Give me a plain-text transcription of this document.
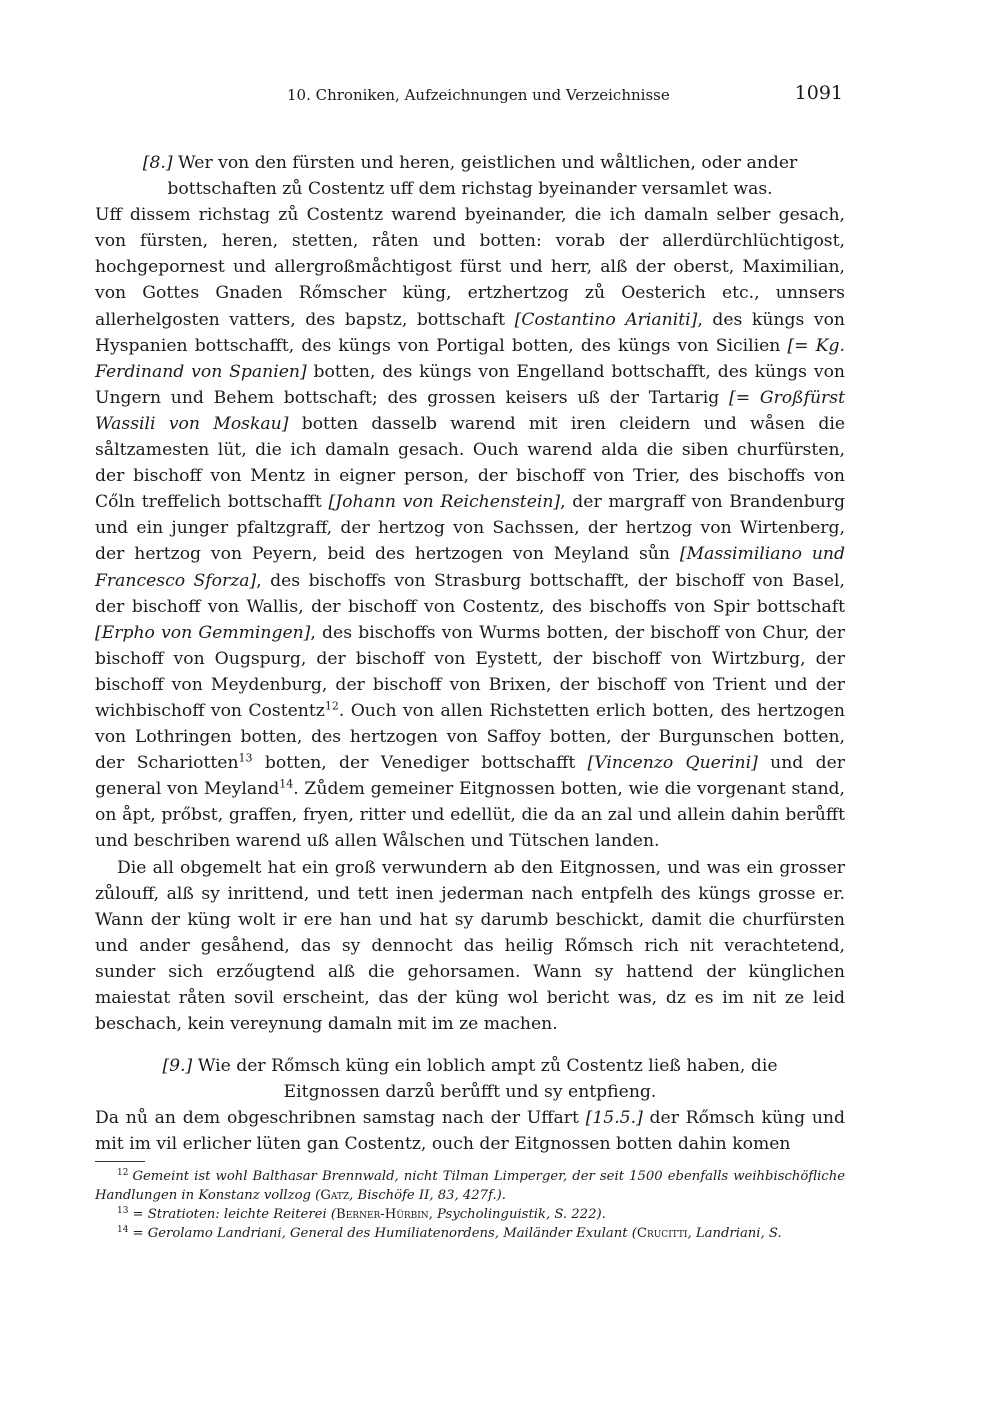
10. Chroniken, Aufzeichnungen und Verzeichnisse	1091

[8.] Wer von den fürsten und heren, geistlichen und wåltlichen, oder ander bottschaften zů Costentz uff dem richstag byeinander versamlet was.

Uff dissem richstag zů Costentz warend byeinander, die ich damaln selber gesach, von fürsten, heren, stetten, råten und botten: vorab der allerdürchlüchtigost, hochgepornest und allergroßmåchtigost fürst und herr, alß der oberst, Maximilian, von Gottes Gnaden Rőmscher küng, ertzhertzog zů Oesterich etc., unnsers allerhelgosten vatters, des bapstz, bottschaft [Costantino Arianiti], des küngs von Hyspanien bottschafft, des küngs von Portigal botten, des küngs von Sicilien [= Kg. Ferdinand von Spanien] botten, des küngs von Engelland bottschafft, des küngs von Ungern und Behem bottschaft; des grossen keisers uß der Tartarig [= Großfürst Wassili von Moskau] botten dasselb warend mit iren cleidern und wåsen die såltzamesten lüt, die ich damaln gesach. Ouch warend alda die siben churfürsten, der bischoff von Mentz in eigner person, der bischoff von Trier, des bischoffs von Cőln treffelich bottschafft [Johann von Reichenstein], der margraff von Brandenburg und ein junger pfaltzgraff, der hertzog von Sachssen, der hertzog von Wirtenberg, der hertzog von Peyern, beid des hertzogen von Meyland sůn [Massimiliano und Francesco Sforza], des bischoffs von Strasburg bottschafft, der bischoff von Basel, der bischoff von Wallis, der bischoff von Costentz, des bischoffs von Spir bottschaft [Erpho von Gemmingen], des bischoffs von Wurms botten, der bischoff von Chur, der bischoff von Ougspurg, der bischoff von Eystett, der bischoff von Wirtzburg, der bischoff von Meydenburg, der bischoff von Brixen, der bischoff von Trient und der wichbischoff von Costentz$^{12}$. Ouch von allen Richstetten erlich botten, des hertzogen von Lothringen botten, des hertzogen von Saffoy botten, der Burgunschen botten, der Schariotten$^{13}$ botten, der Venediger bottschafft [Vincenzo Querini] und der general von Meyland$^{14}$. Zůdem gemeiner Eitgnossen botten, wie die vorgenant stand, on åpt, prőbst, graffen, fryen, ritter und edellüt, die da an zal und allein dahin berůfft und beschriben warend uß allen Wålschen und Tütschen landen.

Die all obgemelt hat ein groß verwundern ab den Eitgnossen, und was ein grosser zůlouff, alß sy inrittend, und tett inen jederman nach entpfelh des küngs grosse er. Wann der küng wolt ir ere han und hat sy darumb beschickt, damit die churfürsten und ander gesåhend, das sy dennocht das heilig Rőmsch rich nit verachtetend, sunder sich erzőugtend alß die gehorsamen. Wann sy hattend der künglichen maiestat råten sovil erscheint, das der küng wol bericht was, dz es im nit ze leid beschach, kein vereynung damaln mit im ze machen.

[9.] Wie der Rőmsch küng ein loblich ampt zů Costentz ließ haben, die Eitgnossen darzů berůfft und sy entpfieng.

Da nů an dem obgeschribnen samstag nach der Uffart [15.5.] der Rőmsch küng und mit im vil erlicher lüten gan Costentz, ouch der Eitgnossen botten dahin komen

$^{12}$ Gemeint ist wohl Balthasar Brennwald, nicht Tilman Limperger, der seit 1500 ebenfalls weihbischöfliche Handlungen in Konstanz vollzog (Gatz, Bischöfe II, 83, 427f.).

$^{13}$ = Stratioten: leichte Reiterei (Berner-Hürbin, Psycholinguistik, S. 222).

$^{14}$ = Gerolamo Landriani, General des Humiliatenordens, Mailänder Exulant (Crucitti, Landriani, S.
